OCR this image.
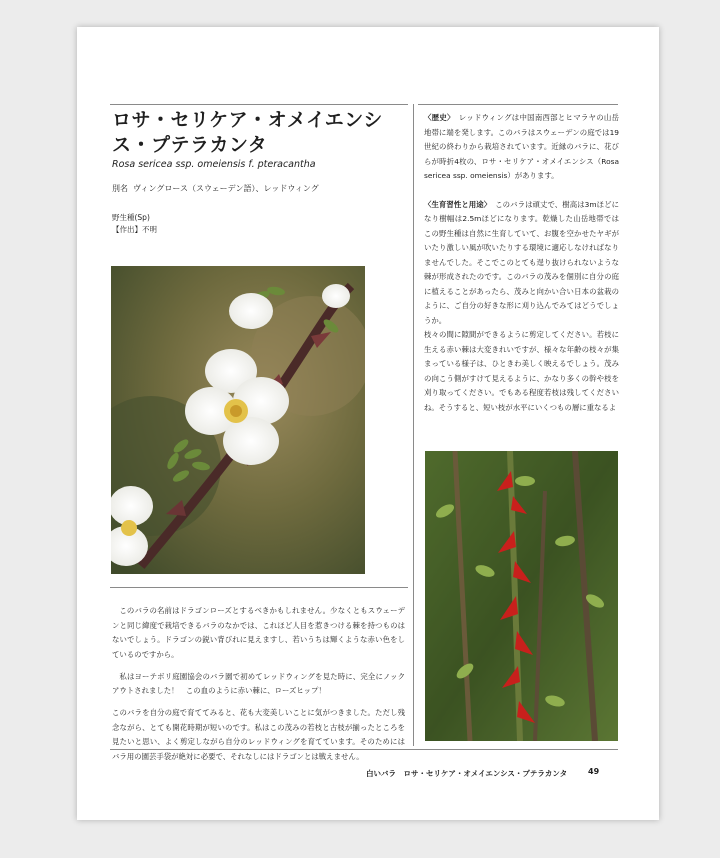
ロサ・セリケア・オメイエンシス・プテラカンタ
Rosa sericea ssp. omeiensis f. pteracantha
別名 ヴィングロース（スウェーデン語）、レッドウィング
野生種(Sp)
【作出】不明

このバラの名前はドラゴンローズとするべきかもしれません。少なくともスウェーデンと同じ緯度で栽培できるバラのなかでは、これほど人目を惹きつける棘を持つものはないでしょう。ドラゴンの鋭い背びれに見えますし、若いうちは輝くような赤い色をしているのですから。

私はヨーテボリ庭園協会のバラ園で初めてレッドウィングを見た時に、完全にノックアウトされました！　この血のように赤い棘に、ローズヒップ！

このバラを自分の庭で育ててみると、花も大変美しいことに気がつきました。ただし残念ながら、とても開花時期が短いのです。私はこの茂みの若枝と古枝が揃ったところを見たいと思い、よく剪定しながら自分のレッドウィングを育てています。そのためにはバラ用の園芸手袋が絶対に必要で、それなしにはドラゴンとは戦えません。

〈歴史〉 レッドウィングは中国南西部とヒマラヤの山岳地帯に端を発します。このバラはスウェーデンの庭では19世紀の終わりから栽培されています。近縁のバラに、花びらが時折4枚の、ロサ・セリケア・オメイエンシス（Rosa sericea ssp. omeiensis）があります。

〈生育習性と用途〉 このバラは頑丈で、樹高は3mほどになり樹幅は2.5mほどになります。乾燥した山岳地帯ではこの野生種は自然に生育していて、お腹を空かせたヤギがいたり激しい風が吹いたりする環境に適応しなければなりませんでした。そこでこのとても逞り抜けられないような棘が形成されたのです。このバラの茂みを個別に自分の庭に植えることがあったら、茂みと向かい合い日本の盆栽のように、ご自分の好きな形に刈り込んでみてはどうでしょうか。

枝々の間に隙間ができるように剪定してください。若枝に生える赤い棘は大変きれいですが、様々な年齢の枝々が集まっている様子は、ひときわ美しく映えるでしょう。茂みの向こう側がすけて見えるように、かなり多くの幹や枝を刈り取ってください。でもある程度若枝は残してくださいね。そうすると、短い枝が水平にいくつもの層に重なるよ

白いバラ　ロサ・セリケア・オメイエンシス・プテラカンタ	49
